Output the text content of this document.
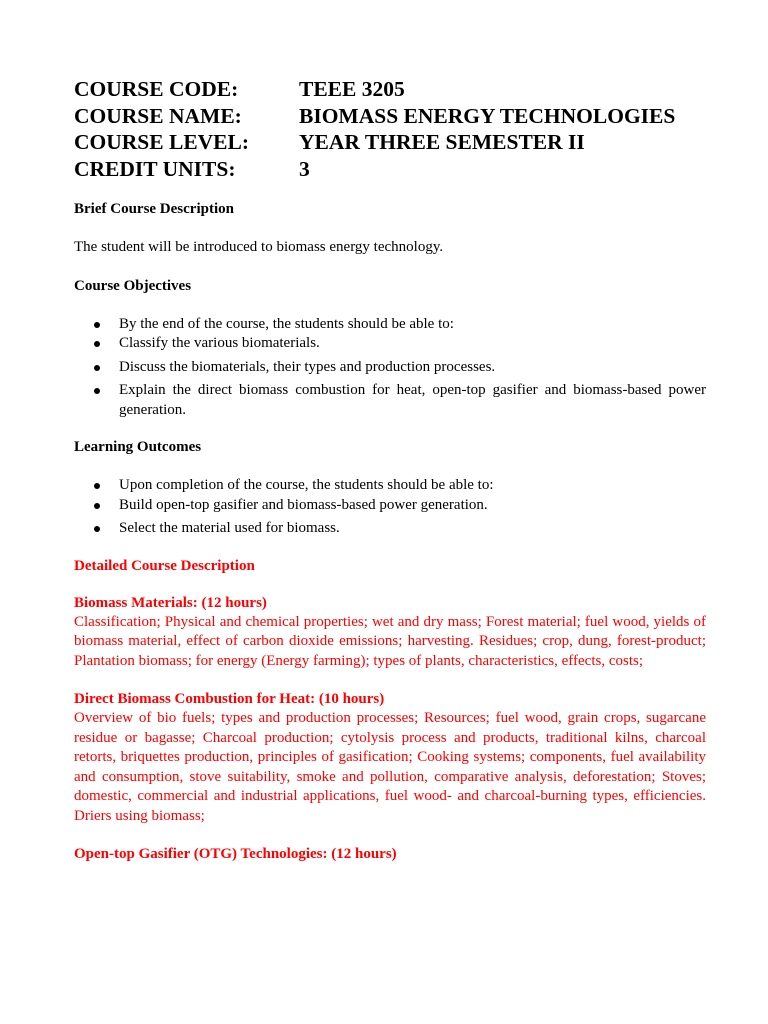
COURSE CODE:	TEEE 3205
COURSE NAME:	BIOMASS ENERGY TECHNOLOGIES
COURSE LEVEL:	YEAR THREE SEMESTER II
CREDIT UNITS:	3

Brief Course Description

The student will be introduced to biomass energy technology.

Course Objectives

By the end of the course, the students should be able to:
Classify the various biomaterials.
Discuss the biomaterials, their types and production processes.
Explain the direct biomass combustion for heat, open-top gasifier and biomass-based power generation.

Learning Outcomes

Upon completion of the course, the students should be able to:
Build open-top gasifier and biomass-based power generation.
Select the material used for biomass.

Detailed Course Description

Biomass Materials: (12 hours)

Classification; Physical and chemical properties; wet and dry mass; Forest material; fuel wood, yields of biomass material, effect of carbon dioxide emissions; harvesting. Residues; crop, dung, forest-product; Plantation biomass; for energy (Energy farming); types of plants, characteristics, effects, costs;

Direct Biomass Combustion for Heat: (10 hours)

Overview of bio fuels; types and production processes; Resources; fuel wood, grain crops, sugarcane residue or bagasse; Charcoal production; cytolysis process and products, traditional kilns, charcoal retorts, briquettes production, principles of gasification; Cooking systems; components, fuel availability and consumption, stove suitability, smoke and pollution, comparative analysis, deforestation; Stoves; domestic, commercial and industrial applications, fuel wood- and charcoal-burning types, efficiencies. Driers using biomass;

Open-top Gasifier (OTG) Technologies: (12 hours)
